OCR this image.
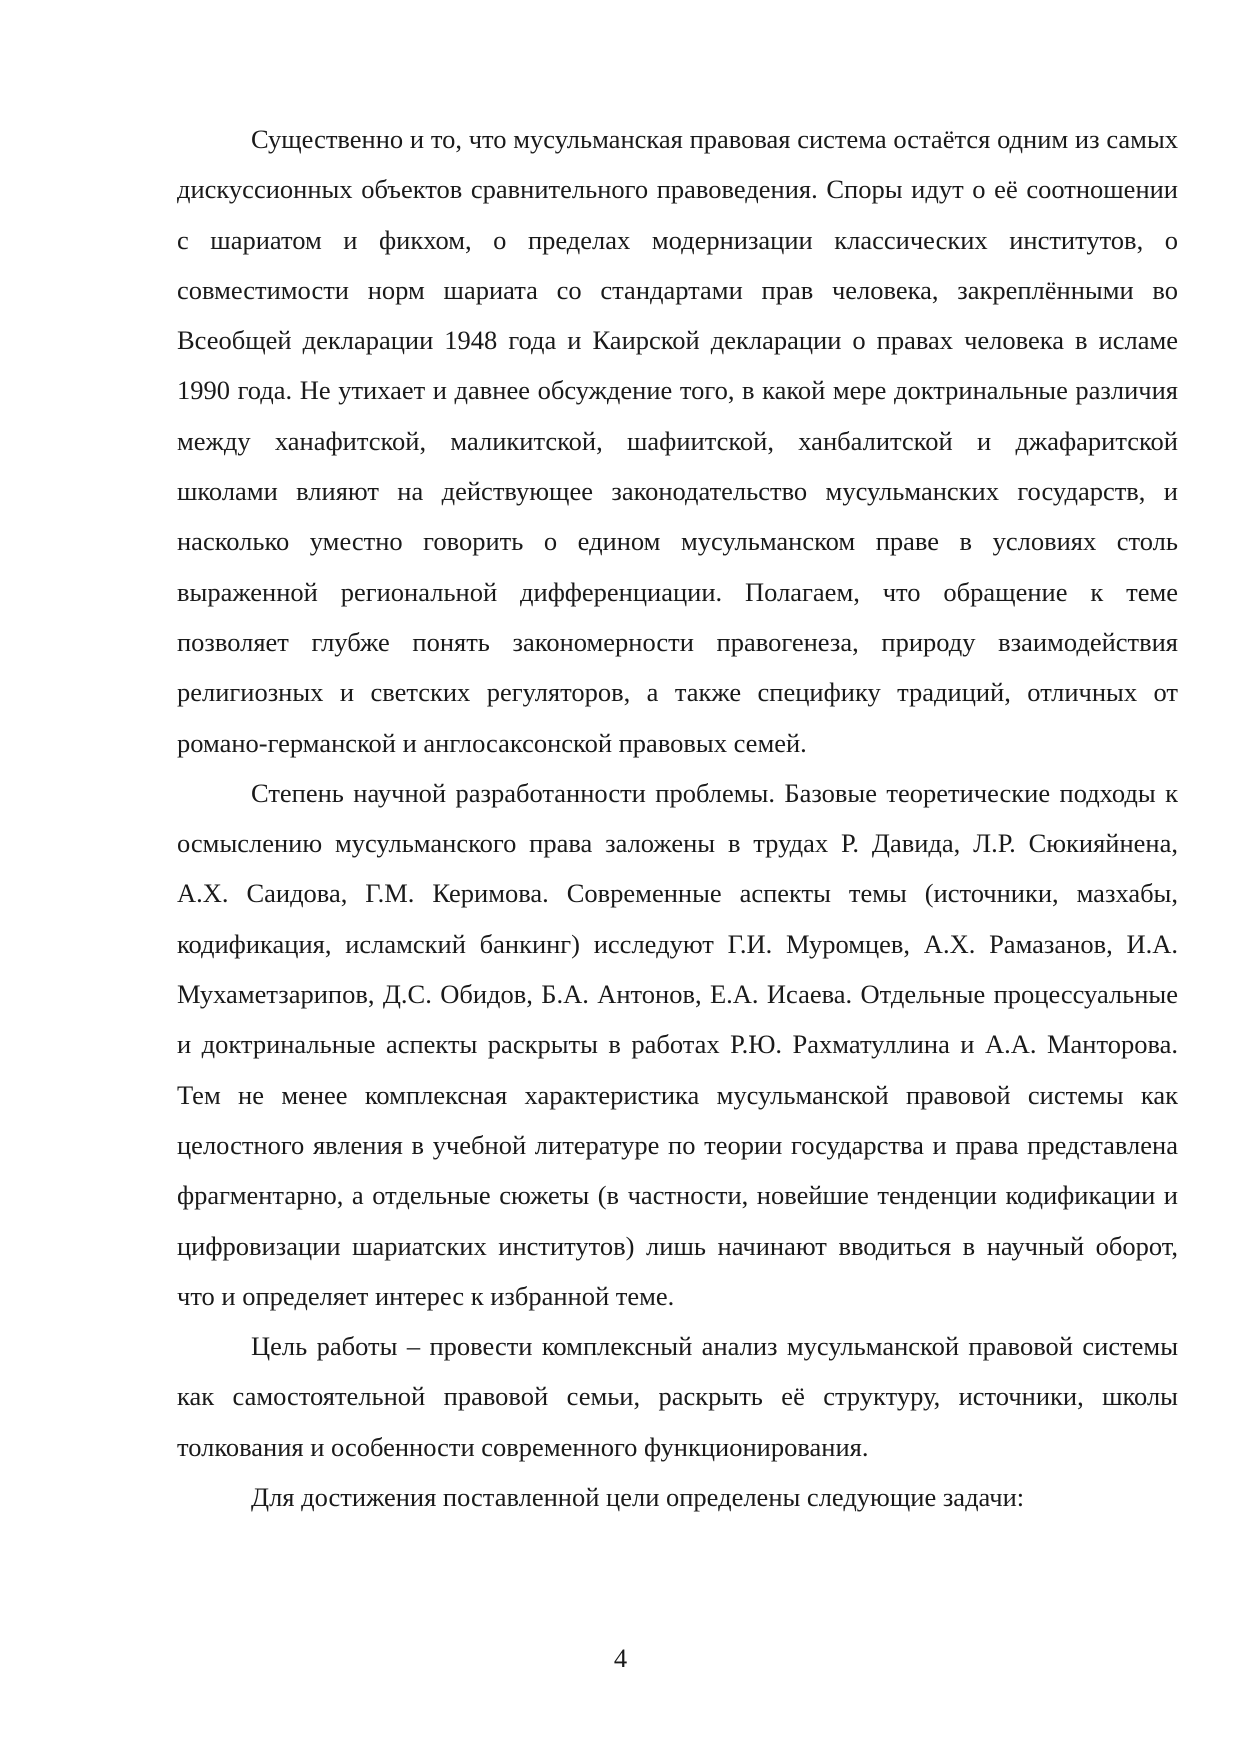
Существенно и то, что мусульманская правовая система остаётся одним из самых дискуссионных объектов сравнительного правоведения. Споры идут о её соотношении с шариатом и фикхом, о пределах модернизации классических институтов, о совместимости норм шариата со стандартами прав человека, закреплёнными во Всеобщей декларации 1948 года и Каирской декларации о правах человека в исламе 1990 года. Не утихает и давнее обсуждение того, в какой мере доктринальные различия между ханафитской, маликитской, шафиитской, ханбалитской и джафаритской школами влияют на действующее законодательство мусульманских государств, и насколько уместно говорить о едином мусульманском праве в условиях столь выраженной региональной дифференциации. Полагаем, что обращение к теме позволяет глубже понять закономерности правогенеза, природу взаимодействия религиозных и светских регуляторов, а также специфику традиций, отличных от романо-германской и англосаксонской правовых семей.

Степень научной разработанности проблемы. Базовые теоретические подходы к осмыслению мусульманского права заложены в трудах Р. Давида, Л.Р. Сюкияйнена, А.Х. Саидова, Г.М. Керимова. Современные аспекты темы (источники, мазхабы, кодификация, исламский банкинг) исследуют Г.И. Муромцев, А.Х. Рамазанов, И.А. Мухаметзарипов, Д.С. Обидов, Б.А. Антонов, Е.А. Исаева. Отдельные процессуальные и доктринальные аспекты раскрыты в работах Р.Ю. Рахматуллина и А.А. Манторова. Тем не менее комплексная характеристика мусульманской правовой системы как целостного явления в учебной литературе по теории государства и права представлена фрагментарно, а отдельные сюжеты (в частности, новейшие тенденции кодификации и цифровизации шариатских институтов) лишь начинают вводиться в научный оборот, что и определяет интерес к избранной теме.

Цель работы – провести комплексный анализ мусульманской правовой системы как самостоятельной правовой семьи, раскрыть её структуру, источники, школы толкования и особенности современного функционирования.

Для достижения поставленной цели определены следующие задачи:

4
